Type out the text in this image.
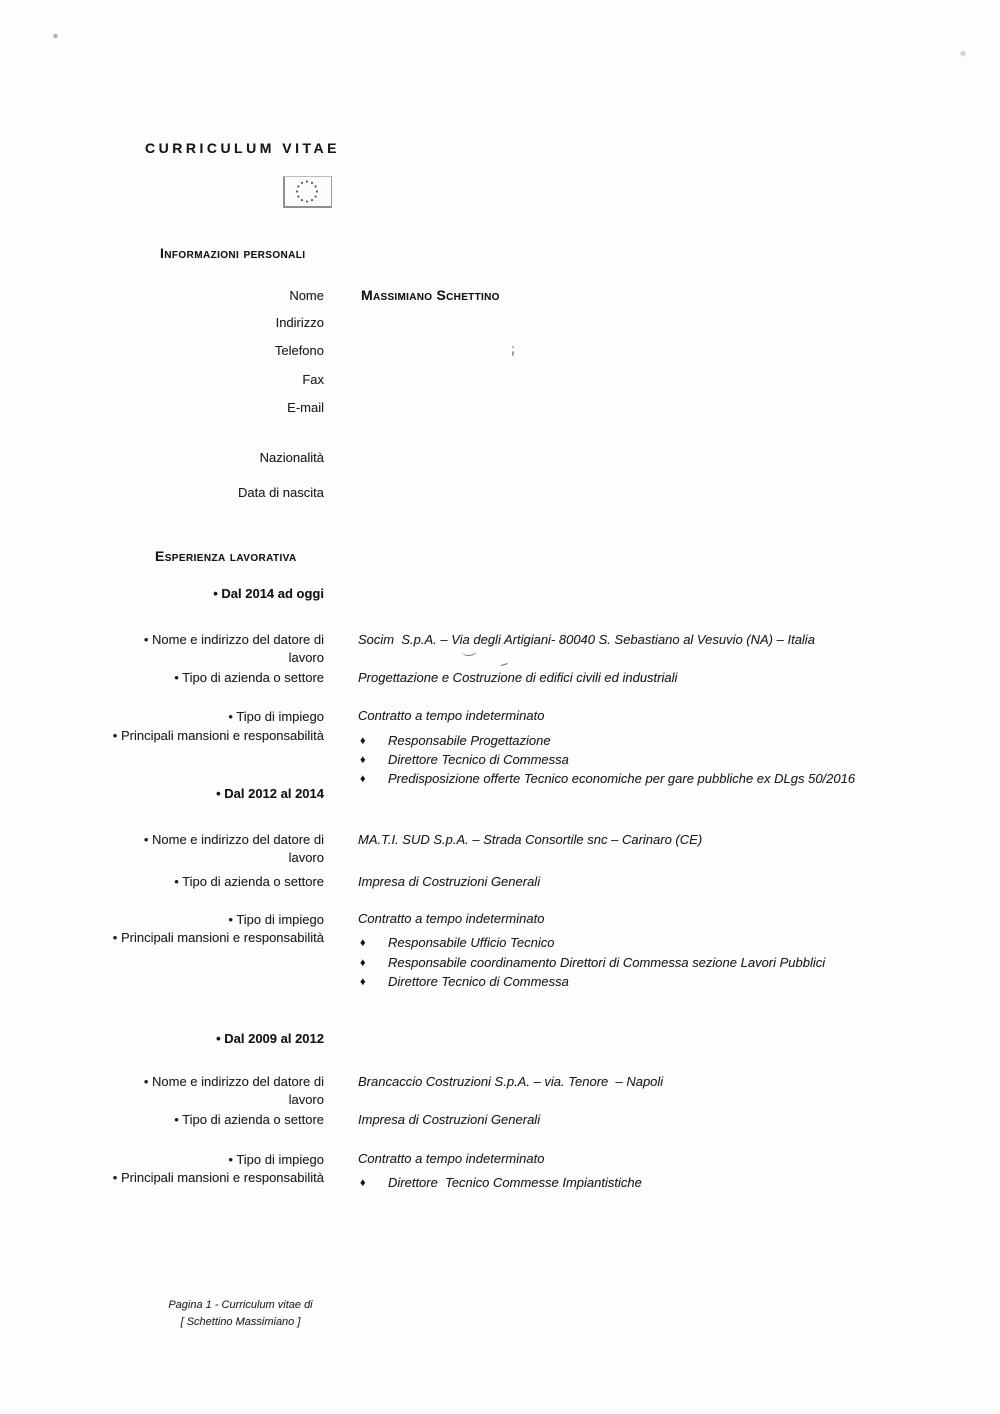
CURRICULUM VITAE
Informazioni personali
Nome	Massimiano Schettino
Indirizzo
Telefono
Fax
E-mail
Nazionalità
Data di nascita
Esperienza lavorativa
• Dal 2014 ad oggi
• Nome e indirizzo del datore di lavoro
Socim  S.p.A. – Via degli Artigiani- 80040 S. Sebastiano al Vesuvio (NA) – Italia
• Tipo di azienda o settore	Progettazione e Costruzione di edifici civili ed industriali
• Tipo di impiego	Contratto a tempo indeterminato
• Principali mansioni e responsabilità	♦	Responsabile Progettazione
♦	Direttore Tecnico di Commessa
♦	Predisposizione offerte Tecnico economiche per gare pubbliche ex DLgs 50/2016
• Dal 2012 al 2014
• Nome e indirizzo del datore di lavoro
MA.T.I. SUD S.p.A. – Strada Consortile snc – Carinaro (CE)
• Tipo di azienda o settore	Impresa di Costruzioni Generali
• Tipo di impiego	Contratto a tempo indeterminato
• Principali mansioni e responsabilità	♦	Responsabile Ufficio Tecnico
♦	Responsabile coordinamento Direttori di Commessa sezione Lavori Pubblici
♦	Direttore Tecnico di Commessa
• Dal 2009 al 2012
• Nome e indirizzo del datore di lavoro
Brancaccio Costruzioni S.p.A. – via. Tenore  – Napoli
• Tipo di azienda o settore	Impresa di Costruzioni Generali
• Tipo di impiego	Contratto a tempo indeterminato
• Principali mansioni e responsabilità	♦	Direttore  Tecnico Commesse Impiantistiche
Pagina 1 - Curriculum vitae di
[ Schettino Massimiano ]
